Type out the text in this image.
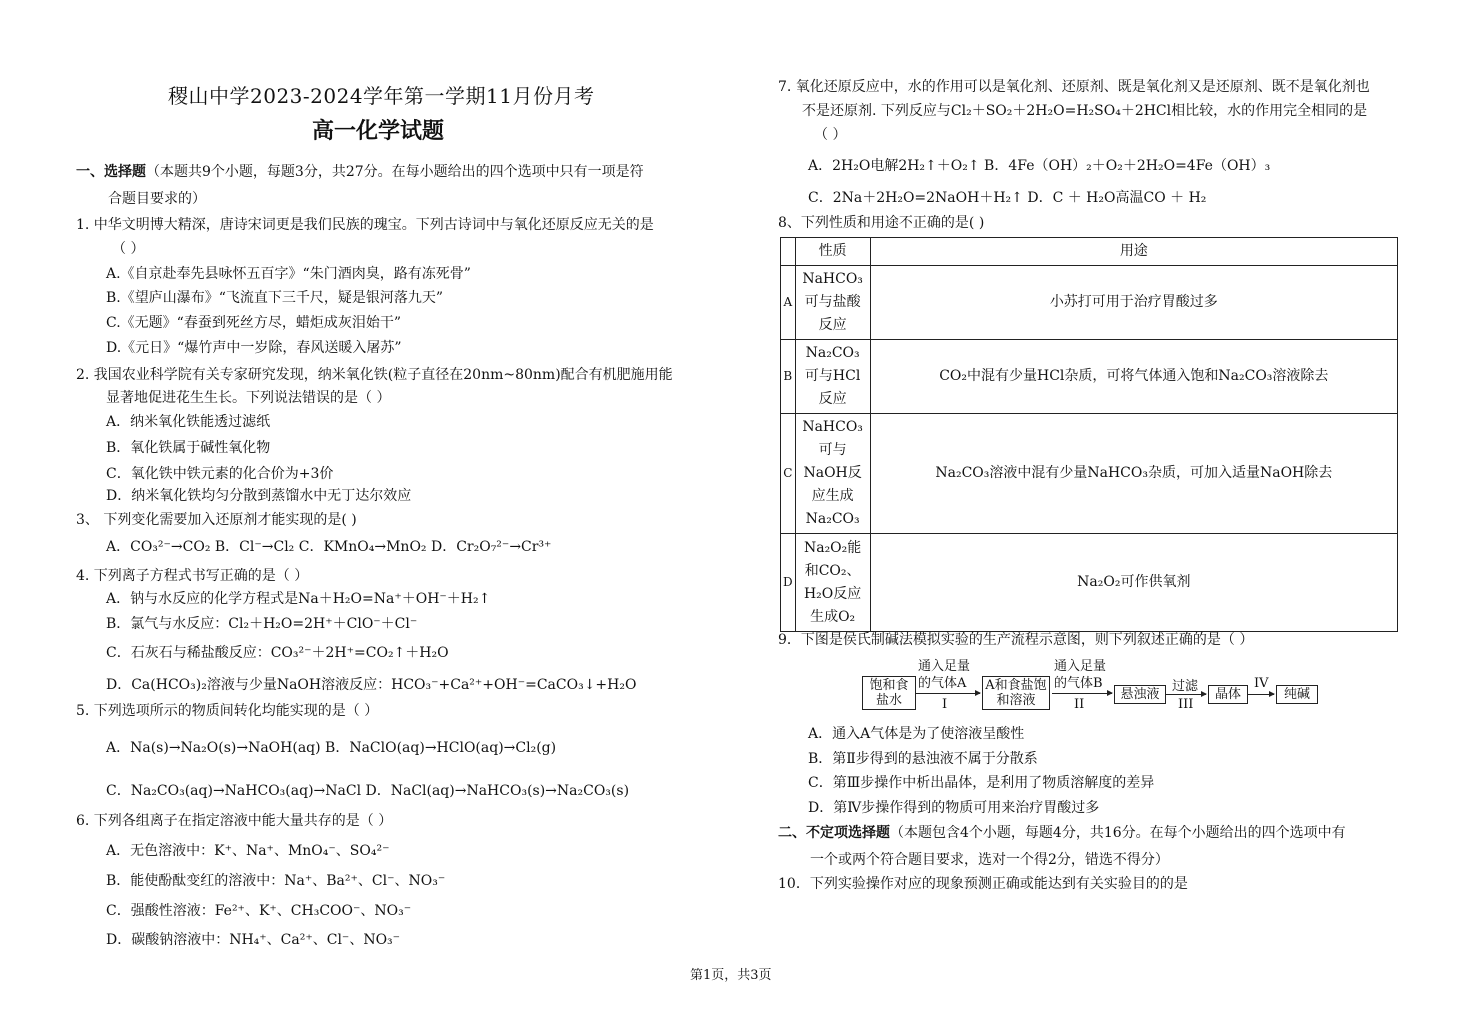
稷山中学2023-2024学年第一学期11月份月考
高一化学试题
一、选择题（本题共9个小题，每题3分，共27分。在每小题给出的四个选项中只有一项是符
合题目要求的）
1. 中华文明博大精深，唐诗宋词更是我们民族的瑰宝。下列古诗词中与氧化还原反应无关的是
（ ）
A.《自京赴奉先县咏怀五百字》“朱门酒肉臭，路有冻死骨”
B.《望庐山瀑布》“飞流直下三千尺，疑是银河落九天”
C.《无题》“春蚕到死丝方尽，蜡炬成灰泪始干”
D.《元日》“爆竹声中一岁除，春风送暖入屠苏”
2. 我国农业科学院有关专家研究发现，纳米氧化铁(粒子直径在20nm~80nm)配合有机肥施用能
显著地促进花生生长。下列说法错误的是（ ）
A．纳米氧化铁能透过滤纸
B．氧化铁属于碱性氧化物
C．氧化铁中铁元素的化合价为+3价
D．纳米氧化铁均匀分散到蒸馏水中无丁达尔效应
3、 下列变化需要加入还原剂才能实现的是( )
A．CO₃²⁻→CO₂ B．Cl⁻→Cl₂ C．KMnO₄→MnO₂ D．Cr₂O₇²⁻→Cr³⁺
4. 下列离子方程式书写正确的是（ ）
A．钠与水反应的化学方程式是Na＋H₂O=Na⁺＋OH⁻＋H₂↑
B．氯气与水反应：Cl₂＋H₂O=2H⁺＋ClO⁻＋Cl⁻
C．石灰石与稀盐酸反应：CO₃²⁻＋2H⁺=CO₂↑＋H₂O
D．Ca(HCO₃)₂溶液与少量NaOH溶液反应：HCO₃⁻+Ca²⁺+OH⁻=CaCO₃↓+H₂O
5. 下列选项所示的物质间转化均能实现的是（ ）
A．Na(s)→Na₂O(s)→NaOH(aq) B．NaClO(aq)→HClO(aq)→Cl₂(g)
C．Na₂CO₃(aq)→NaHCO₃(aq)→NaCl D．NaCl(aq)→NaHCO₃(s)→Na₂CO₃(s)
6. 下列各组离子在指定溶液中能大量共存的是（ ）
A．无色溶液中：K⁺、Na⁺、MnO₄⁻、SO₄²⁻
B．能使酚酞变红的溶液中：Na⁺、Ba²⁺、Cl⁻、NO₃⁻
C．强酸性溶液：Fe²⁺、K⁺、CH₃COO⁻、NO₃⁻
D．碳酸钠溶液中：NH₄⁺、Ca²⁺、Cl⁻、NO₃⁻
7. 氧化还原反应中，水的作用可以是氧化剂、还原剂、既是氧化剂又是还原剂、既不是氧化剂也
不是还原剂. 下列反应与Cl₂＋SO₂＋2H₂O=H₂SO₄＋2HCl相比较，水的作用完全相同的是
（ ）
A．2H₂O电解2H₂↑＋O₂↑ B．4Fe（OH）₂＋O₂＋2H₂O=4Fe（OH）₃
C．2Na＋2H₂O=2NaOH＋H₂↑ D．C ＋ H₂O高温CO ＋ H₂
8、下列性质和用途不正确的是( )
9．下图是侯氏制碱法模拟实验的生产流程示意图，则下列叙述正确的是（ ）
A．通入A气体是为了使溶液呈酸性
B．第Ⅱ步得到的悬浊液不属于分散系
C．第Ⅲ步操作中析出晶体，是利用了物质溶解度的差异
D．第Ⅳ步操作得到的物质可用来治疗胃酸过多
二、不定项选择题（本题包含4个小题，每题4分，共16分。在每个小题给出的四个选项中有
一个或两个符合题目要求，选对一个得2分，错选不得分）
10．下列实验操作对应的现象预测正确或能达到有关实验目的的是
	性质	用途
A	NaHCO₃可与盐酸反应	小苏打可用于治疗胃酸过多
B	Na₂CO₃可与HCl反应	CO₂中混有少量HCl杂质，可将气体通入饱和Na₂CO₃溶液除去
C	NaHCO₃可与NaOH反应生成Na₂CO₃	Na₂CO₃溶液中混有少量NaHCO₃杂质，可加入适量NaOH除去
D	Na₂O₂能和CO₂、H₂O反应生成O₂	Na₂O₂可作供氧剂
饱和食盐水
通入足量的气体A
I
A和食盐饱和溶液
通入足量的气体B
II
悬浊液
过滤
III
晶体
IV
纯碱
第1页，共3页
